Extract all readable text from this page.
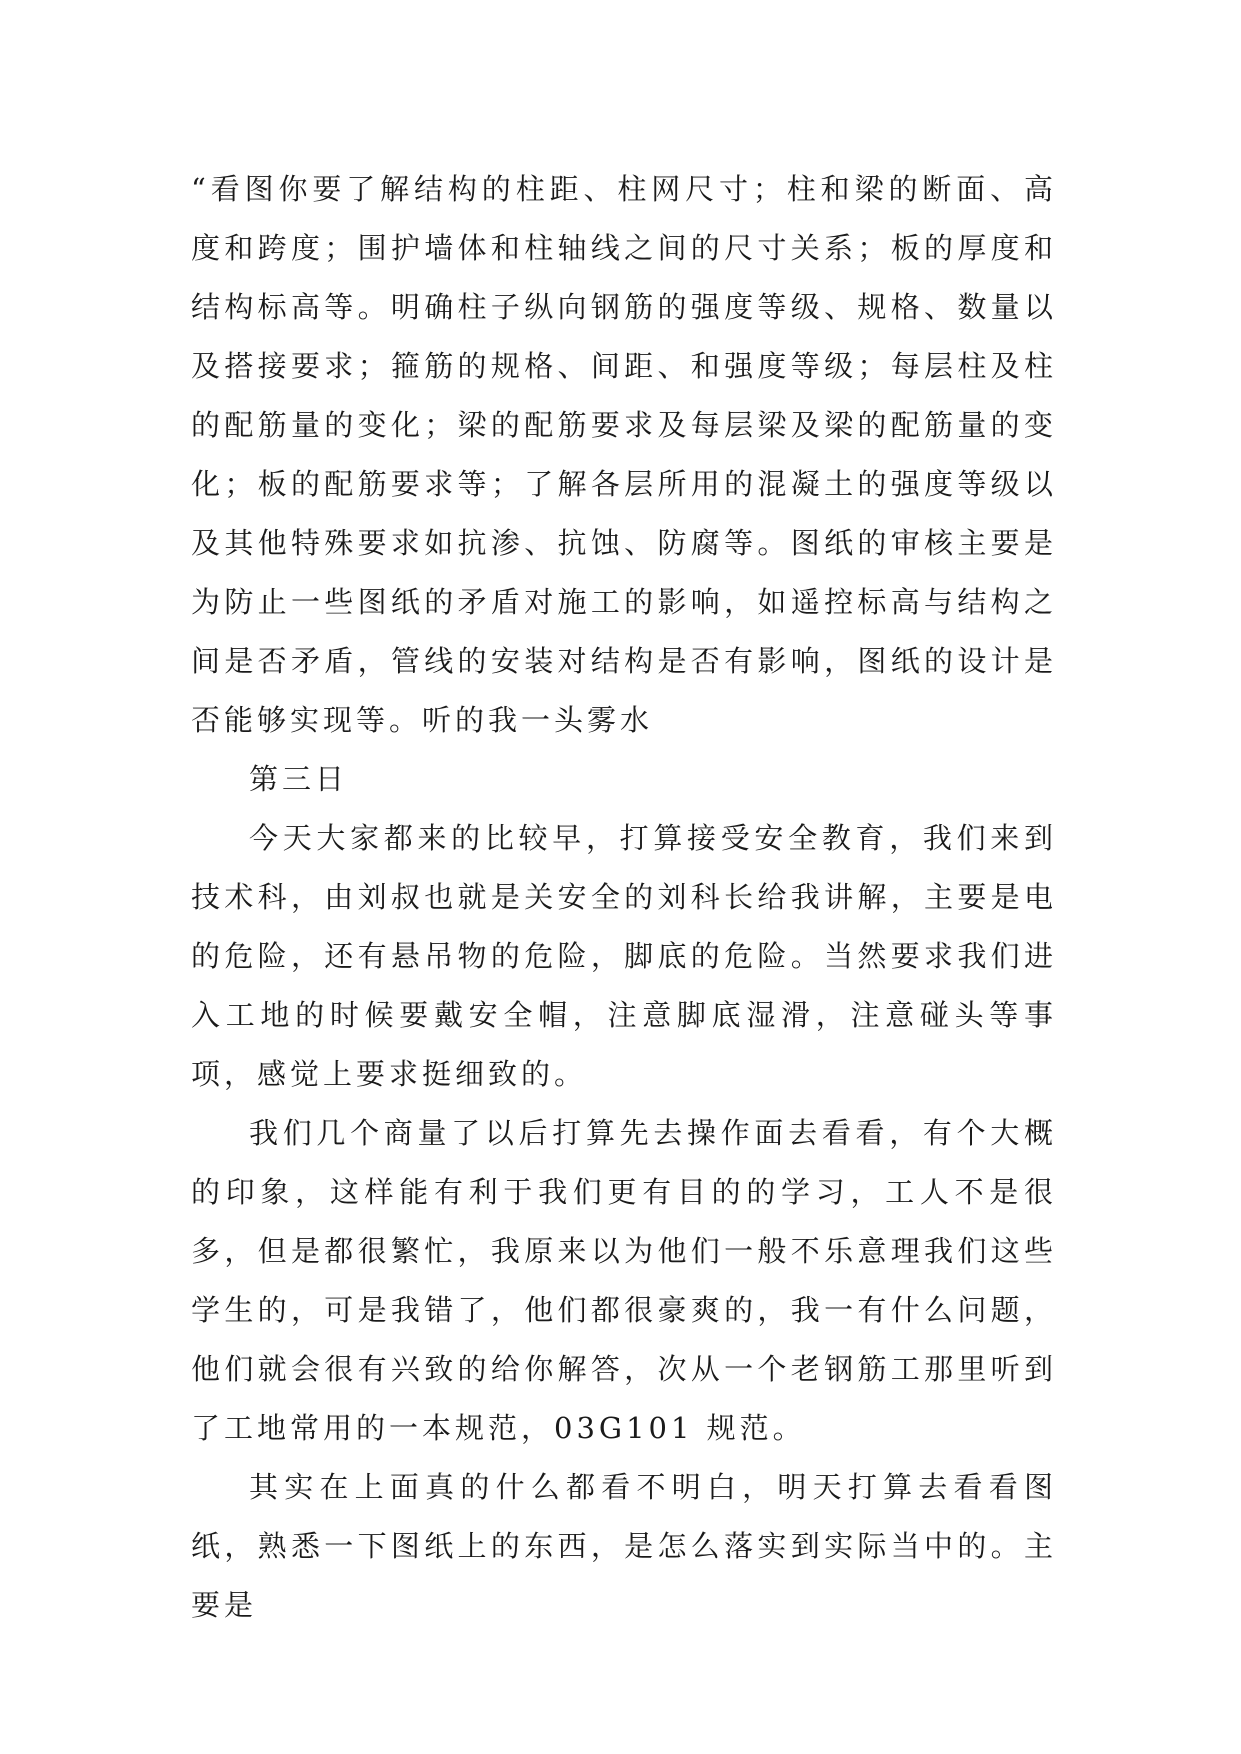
“看图你要了解结构的柱距、柱网尺寸；柱和梁的断面、高度和跨度；围护墙体和柱轴线之间的尺寸关系；板的厚度和结构标高等。明确柱子纵向钢筋的强度等级、规格、数量以及搭接要求；箍筋的规格、间距、和强度等级；每层柱及柱的配筋量的变化；梁的配筋要求及每层梁及梁的配筋量的变化；板的配筋要求等；了解各层所用的混凝土的强度等级以及其他特殊要求如抗渗、抗蚀、防腐等。图纸的审核主要是为防止一些图纸的矛盾对施工的影响，如遥控标高与结构之间是否矛盾，管线的安装对结构是否有影响，图纸的设计是否能够实现等。听的我一头雾水

第三日

今天大家都来的比较早，打算接受安全教育，我们来到技术科，由刘叔也就是关安全的刘科长给我讲解，主要是电的危险，还有悬吊物的危险，脚底的危险。当然要求我们进入工地的时候要戴安全帽，注意脚底湿滑，注意碰头等事项，感觉上要求挺细致的。

我们几个商量了以后打算先去操作面去看看，有个大概的印象，这样能有利于我们更有目的的学习，工人不是很多，但是都很繁忙，我原来以为他们一般不乐意理我们这些学生的，可是我错了，他们都很豪爽的，我一有什么问题，他们就会很有兴致的给你解答，次从一个老钢筋工那里听到了工地常用的一本规范，03G101 规范。

其实在上面真的什么都看不明白，明天打算去看看图纸，熟悉一下图纸上的东西，是怎么落实到实际当中的。主要是
